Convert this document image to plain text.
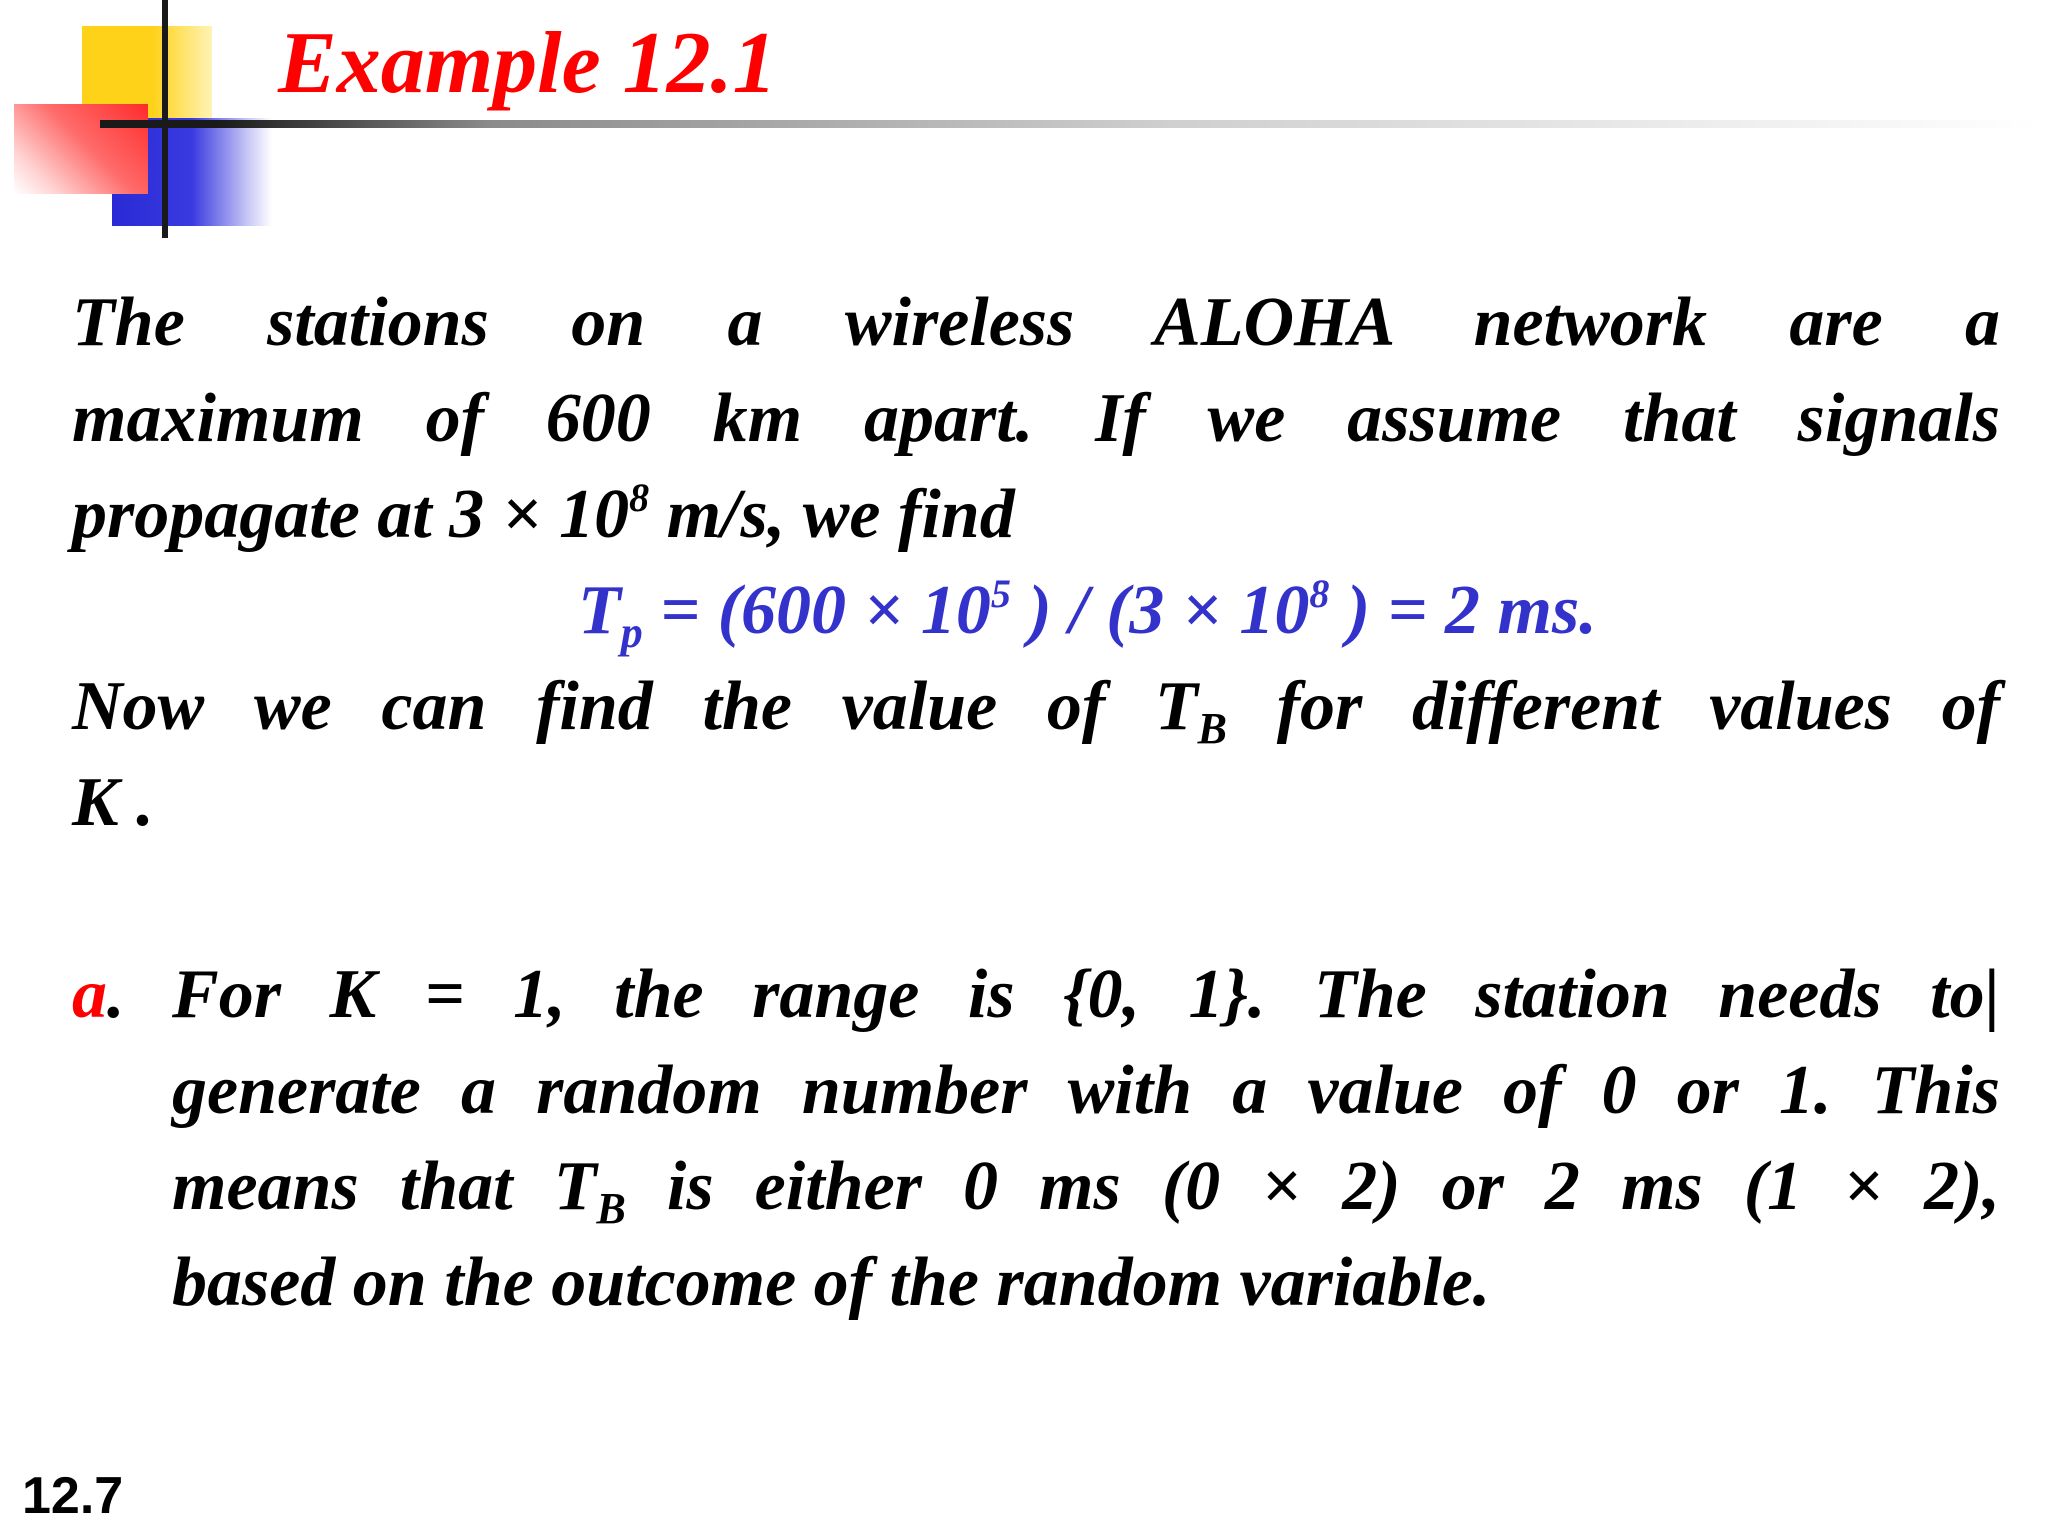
Example 12.1
The stations on a wireless ALOHA network are a
maximum of 600 km apart. If we assume that signals
propagate at $3 \times 10^8$ m/s, we find
$T_p = (600 \times 10^5$ ) / ($3 \times 10^8$ ) = 2 ms.
Now we can find the value of $T_B$ for different values of
K .
a. For K = 1, the range is {0, 1}. The station needs to|
generate a random number with a value of 0 or 1. This
means that $T_B$ is either 0 ms (0 × 2) or 2 ms (1 × 2),
based on the outcome of the random variable.
12.7
